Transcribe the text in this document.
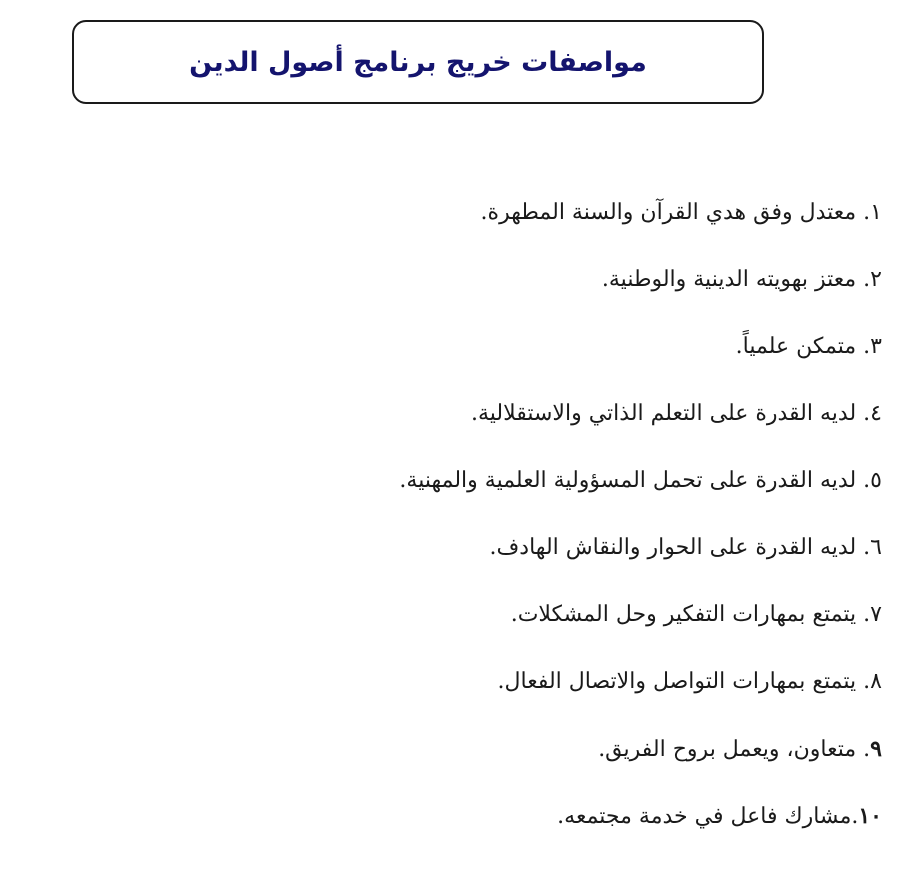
مواصفات خريج برنامج أصول الدين
١. معتدل وفق هدي القرآن والسنة المطهرة.
٢. معتز بهويته الدينية والوطنية.
٣. متمكن علمياً.
٤. لديه القدرة على التعلم الذاتي والاستقلالية.
٥. لديه القدرة على تحمل المسؤولية العلمية والمهنية.
٦. لديه القدرة على الحوار والنقاش الهادف.
٧. يتمتع بمهارات التفكير وحل المشكلات.
٨. يتمتع بمهارات التواصل والاتصال الفعال.
٩. متعاون، ويعمل بروح الفريق.
١٠.مشارك فاعل في خدمة مجتمعه.
